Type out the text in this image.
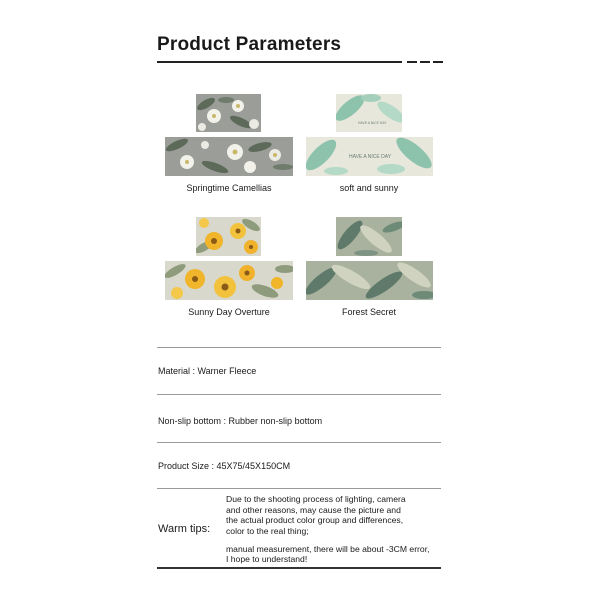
Product Parameters
Springtime Camellias
HAVE A NICE DAY
HAVE A NICE DAY
soft and sunny
Sunny Day Overture	Forest Secret
Material : Warner Fleece
Non-slip bottom : Rubber non-slip bottom
Product Size : 45X75/45X150CM
Warm tips:
Due to the shooting process of lighting, camera
and other reasons, may cause the picture and
the actual product color group and differences,
color to the real thing;
manual measurement, there will be about -3CM error,
I hope to understand!
